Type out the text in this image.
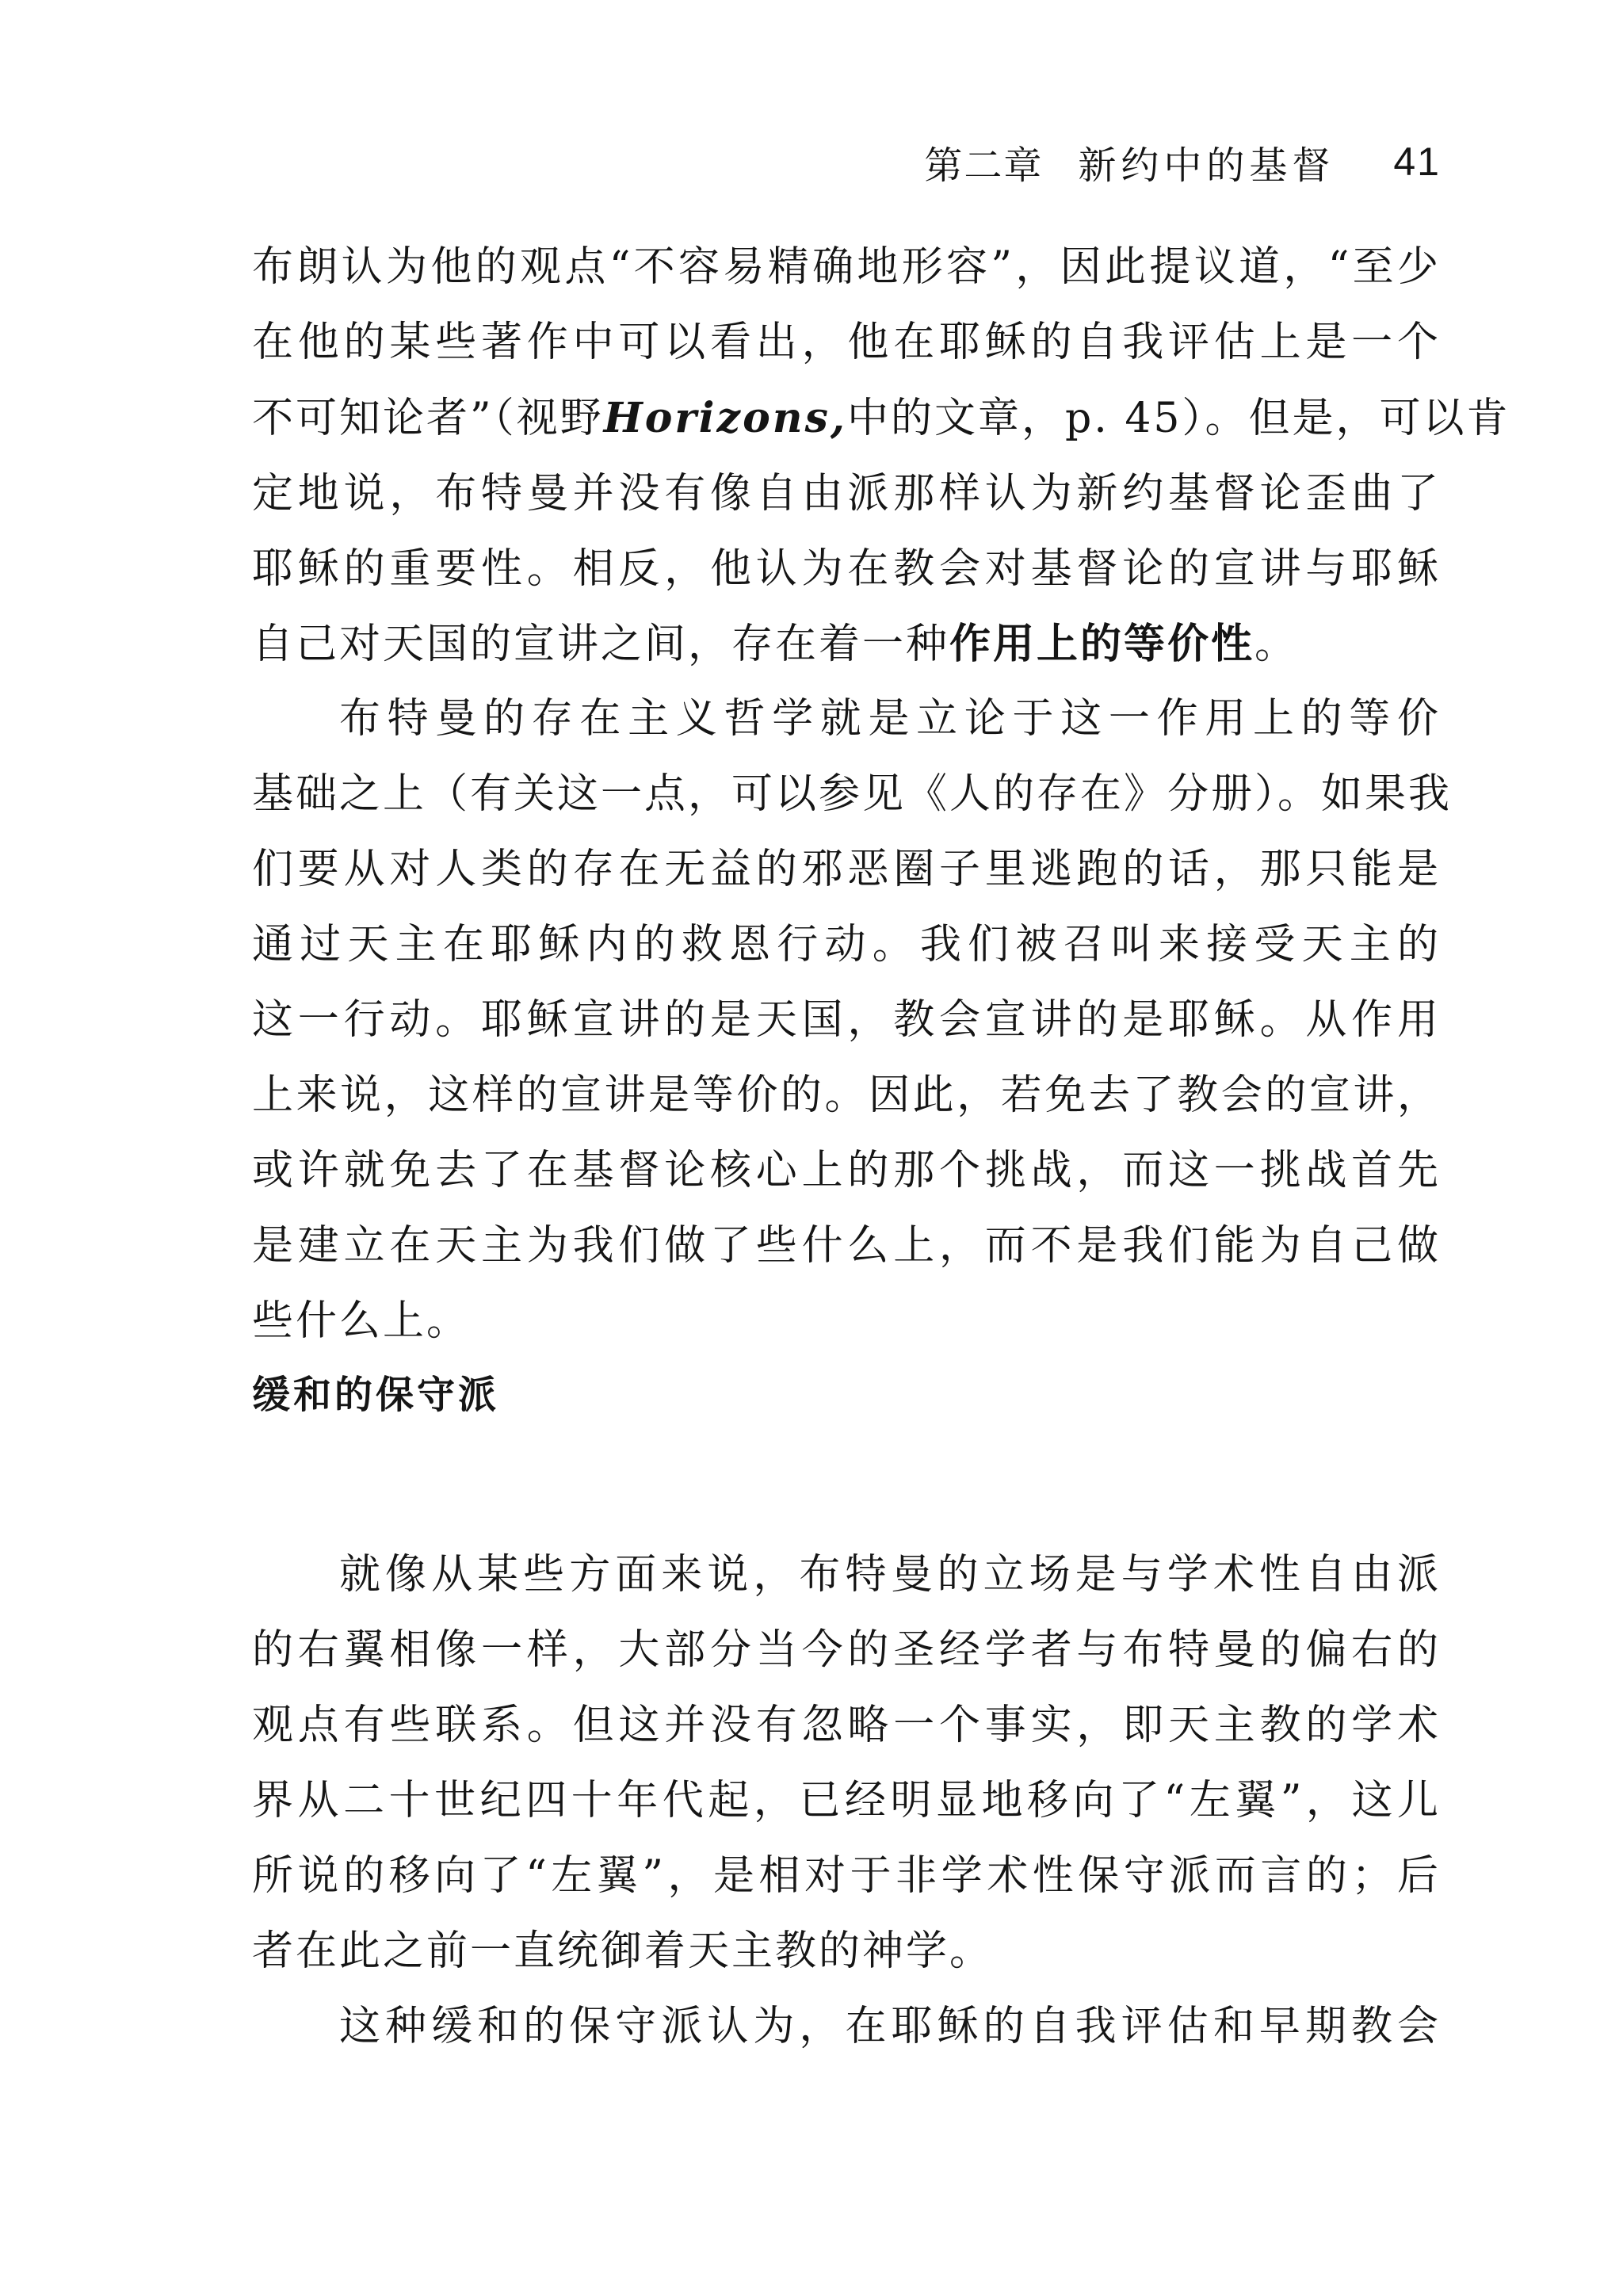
第二章 新约中的基督 41
布朗认为他的观点“不容易精确地形容”，因此提议道，“至少
在他的某些著作中可以看出，他在耶稣的自我评估上是一个
不可知论者”（视野Horizons,中的文章，p. 45）。但是，可以肯
定地说，布特曼并没有像自由派那样认为新约基督论歪曲了
耶稣的重要性。相反，他认为在教会对基督论的宣讲与耶稣
自己对天国的宣讲之间，存在着一种作用上的等价性。
布特曼的存在主义哲学就是立论于这一作用上的等价
基础之上（有关这一点，可以参见《人的存在》分册）。如果我
们要从对人类的存在无益的邪恶圈子里逃跑的话，那只能是
通过天主在耶稣内的救恩行动。我们被召叫来接受天主的
这一行动。耶稣宣讲的是天国，教会宣讲的是耶稣。从作用
上来说，这样的宣讲是等价的。因此，若免去了教会的宣讲，
或许就免去了在基督论核心上的那个挑战，而这一挑战首先
是建立在天主为我们做了些什么上，而不是我们能为自己做
些什么上。
缓和的保守派
就像从某些方面来说，布特曼的立场是与学术性自由派
的右翼相像一样，大部分当今的圣经学者与布特曼的偏右的
观点有些联系。但这并没有忽略一个事实，即天主教的学术
界从二十世纪四十年代起，已经明显地移向了“左翼”，这儿
所说的移向了“左翼”，是相对于非学术性保守派而言的；后
者在此之前一直统御着天主教的神学。
这种缓和的保守派认为，在耶稣的自我评估和早期教会
